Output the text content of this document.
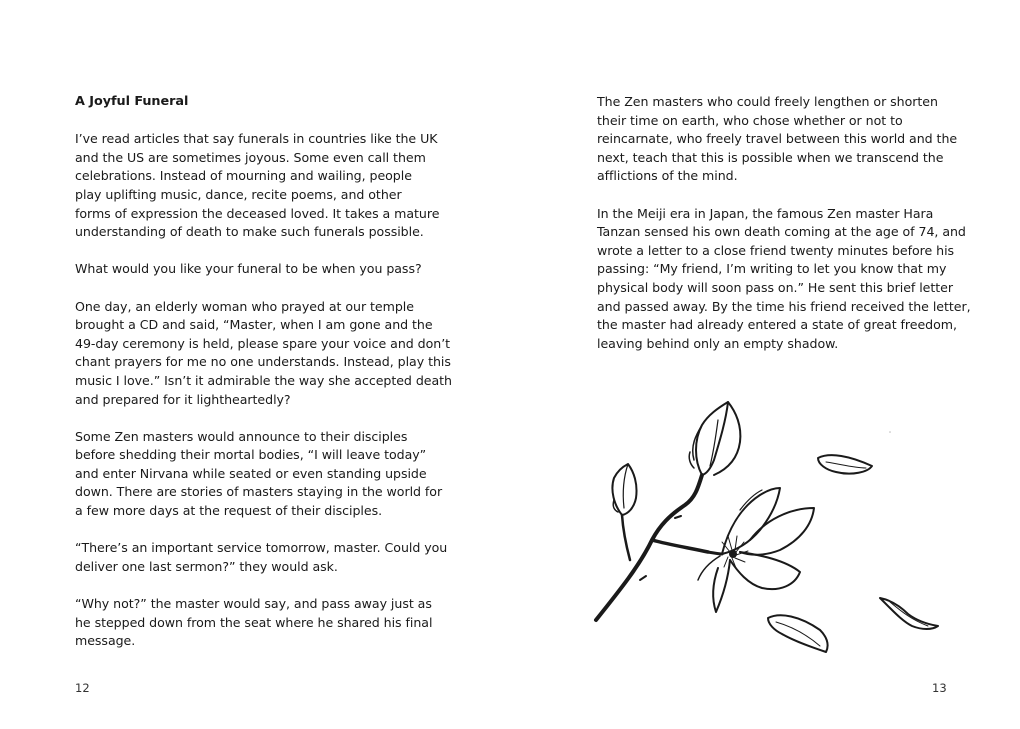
A Joyful Funeral
I’ve read articles that say funerals in countries like the UK
and the US are sometimes joyous. Some even call them
celebrations. Instead of mourning and wailing, people
play uplifting music, dance, recite poems, and other
forms of expression the deceased loved. It takes a mature
understanding of death to make such funerals possible.
What would you like your funeral to be when you pass?
One day, an elderly woman who prayed at our temple
brought a CD and said, “Master, when I am gone and the
49-day ceremony is held, please spare your voice and don’t
chant prayers for me no one understands. Instead, play this
music I love.” Isn’t it admirable the way she accepted death
and prepared for it lightheartedly?
Some Zen masters would announce to their disciples
before shedding their mortal bodies, “I will leave today”
and enter Nirvana while seated or even standing upside
down. There are stories of masters staying in the world for
a few more days at the request of their disciples.
“There’s an important service tomorrow, master. Could you
deliver one last sermon?” they would ask.
“Why not?” the master would say, and pass away just as
he stepped down from the seat where he shared his final
message.
12
The Zen masters who could freely lengthen or shorten
their time on earth, who chose whether or not to
reincarnate, who freely travel between this world and the
next, teach that this is possible when we transcend the
afflictions of the mind.
In the Meiji era in Japan, the famous Zen master Hara
Tanzan sensed his own death coming at the age of 74, and
wrote a letter to a close friend twenty minutes before his
passing: “My friend, I’m writing to let you know that my
physical body will soon pass on.” He sent this brief letter
and passed away. By the time his friend received the letter,
the master had already entered a state of great freedom,
leaving behind only an empty shadow.
13
